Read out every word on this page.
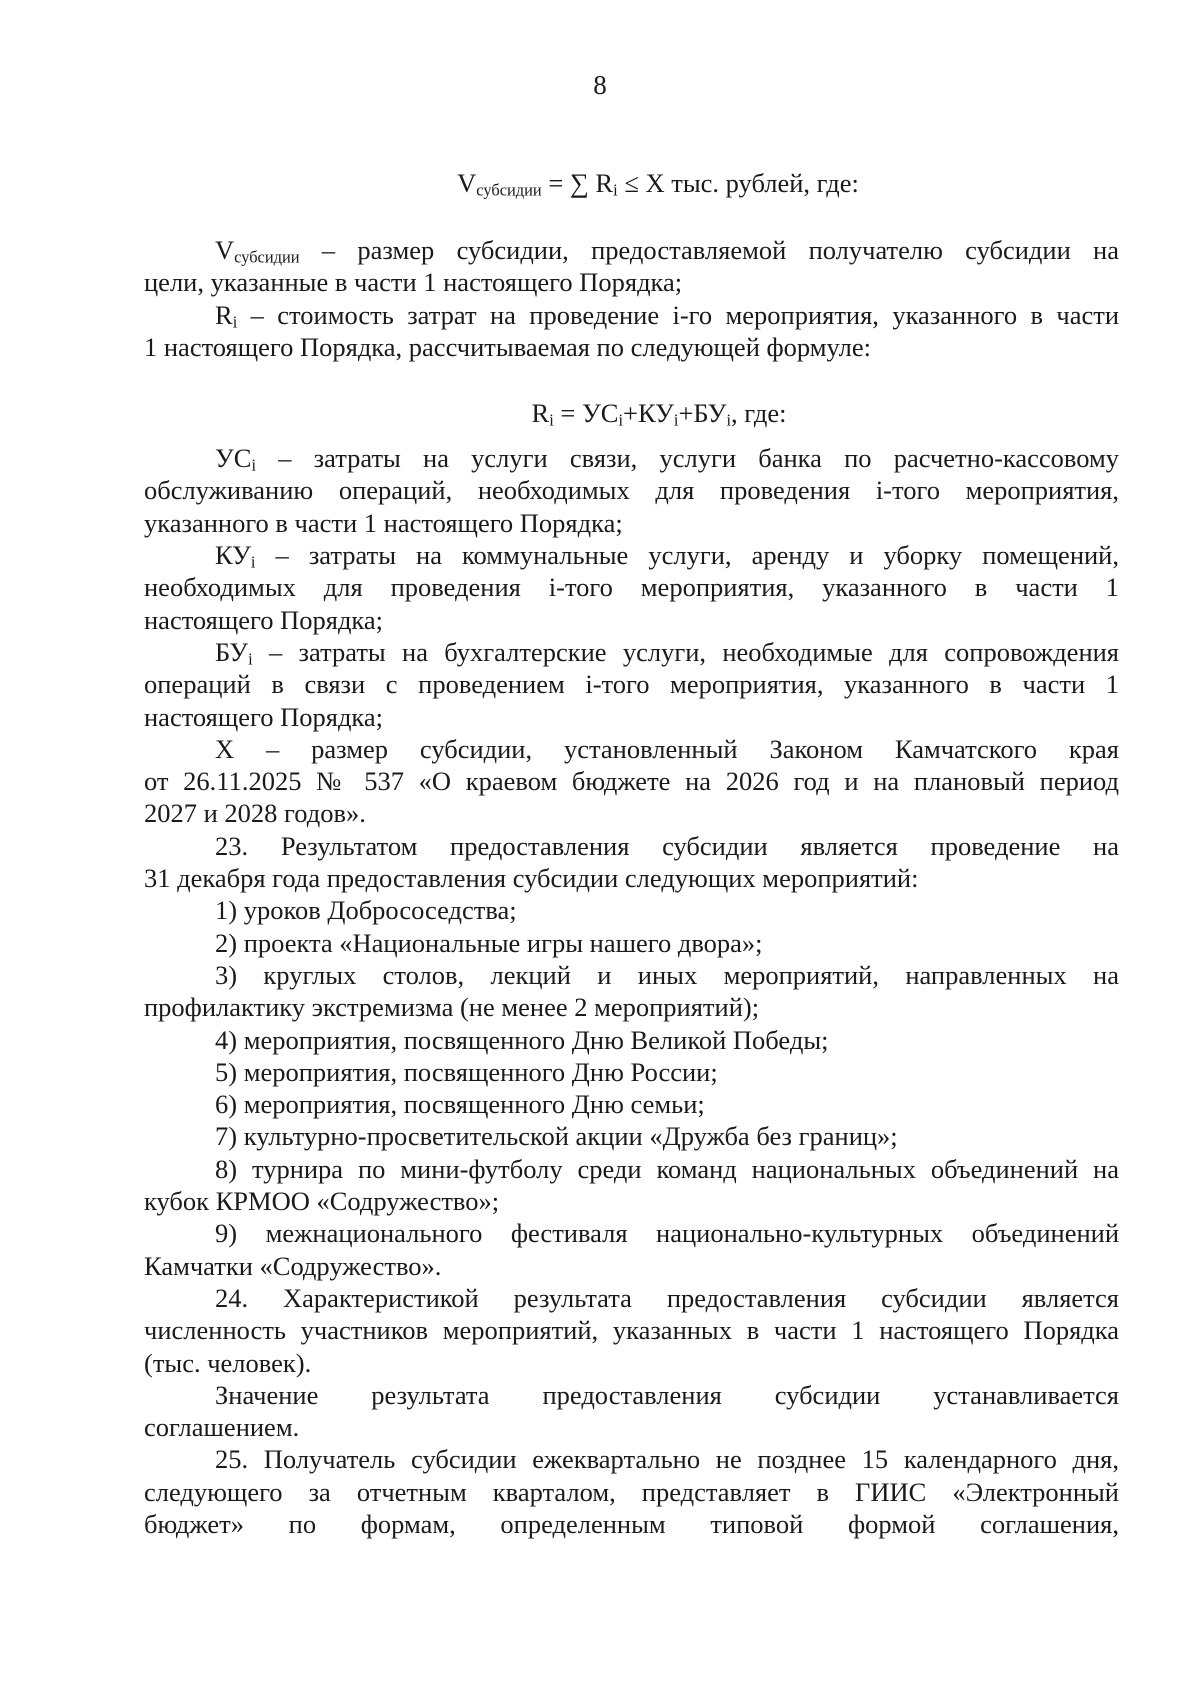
8
$V_{субсидии}$ = ∑ $R_i \le X$ тыс. рублей, где:
$R_i = УС_i+КУ_i+БУ_i$, где:
$V_{субсидии}$ – размер субсидии, предоставляемой получателю субсидии на
цели, указанные в части 1 настоящего Порядка;
$R_i$ – стоимость затрат на проведение i-го мероприятия, указанного в части
1 настоящего Порядка, рассчитываемая по следующей формуле:
$УС_i$ – затраты на услуги связи, услуги банка по расчетно-кассовому
обслуживанию операций, необходимых для проведения i-того мероприятия,
указанного в части 1 настоящего Порядка;
$КУ_i$ – затраты на коммунальные услуги, аренду и уборку помещений,
необходимых для проведения i-того мероприятия, указанного в части 1
настоящего Порядка;
$БУ_i$ – затраты на бухгалтерские услуги, необходимые для сопровождения
операций в связи с проведением i-того мероприятия, указанного в части 1
настоящего Порядка;
X – размер субсидии, установленный Законом Камчатского края
от 26.11.2025 № 537 «О краевом бюджете на 2026 год и на плановый период
2027 и 2028 годов».
23. Результатом предоставления субсидии является проведение на
31 декабря года предоставления субсидии следующих мероприятий:
1) уроков Добрососедства;
2) проекта «Национальные игры нашего двора»;
3) круглых столов, лекций и иных мероприятий, направленных на
профилактику экстремизма (не менее 2 мероприятий);
4) мероприятия, посвященного Дню Великой Победы;
5) мероприятия, посвященного Дню России;
6) мероприятия, посвященного Дню семьи;
7) культурно-просветительской акции «Дружба без границ»;
8) турнира по мини-футболу среди команд национальных объединений на
кубок КРМОО «Содружество»;
9) межнационального фестиваля национально-культурных объединений
Камчатки «Содружество».
24. Характеристикой результата предоставления субсидии является
численность участников мероприятий, указанных в части 1 настоящего Порядка
(тыс. человек).
Значение результата предоставления субсидии устанавливается
соглашением.
25. Получатель субсидии ежеквартально не позднее 15 календарного дня,
следующего за отчетным кварталом, представляет в ГИИС «Электронный
бюджет» по формам, определенным типовой формой соглашения,
